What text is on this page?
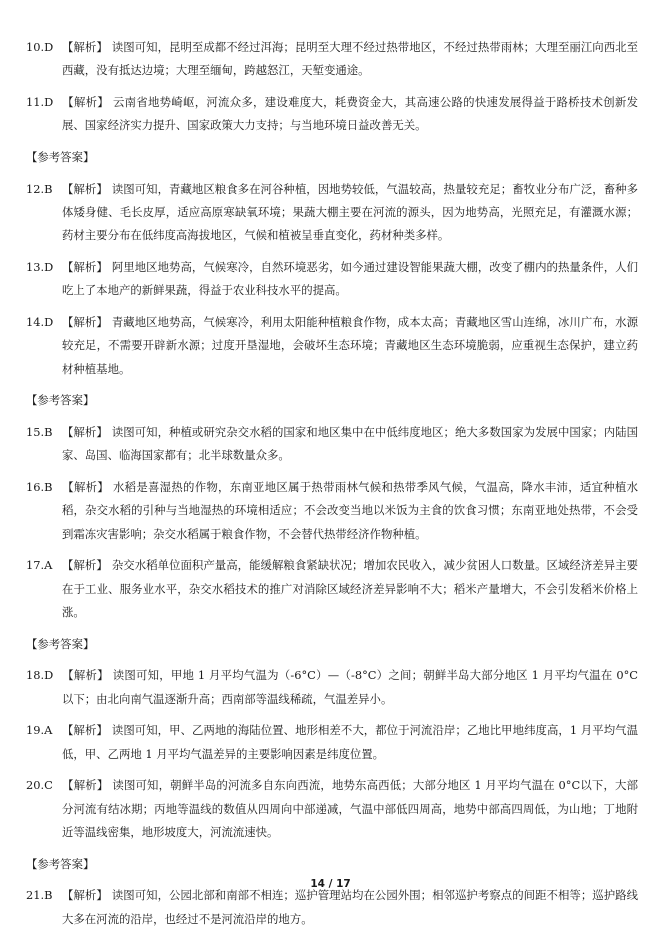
10.D 【解析】 读图可知，昆明至成都不经过洱海；昆明至大理不经过热带地区，不经过热带雨林；大理至丽江向西北至西藏，没有抵达边境；大理至缅甸，跨越怒江，天堑变通途。
11.D 【解析】 云南省地势崎岖，河流众多，建设难度大，耗费资金大，其高速公路的快速发展得益于路桥技术创新发展、国家经济实力提升、国家政策大力支持；与当地环境日益改善无关。
【参考答案】
12.B 【解析】 读图可知，青藏地区粮食多在河谷种植，因地势较低，气温较高，热量较充足；畜牧业分布广泛，畜种多体矮身健、毛长皮厚，适应高原寒缺氧环境；果蔬大棚主要在河流的源头，因为地势高，光照充足，有灌溉水源；药材主要分布在低纬度高海拔地区，气候和植被呈垂直变化，药材种类多样。
13.D 【解析】 阿里地区地势高，气候寒冷，自然环境恶劣，如今通过建设智能果蔬大棚，改变了棚内的热量条件，人们吃上了本地产的新鲜果蔬，得益于农业科技水平的提高。
14.D 【解析】 青藏地区地势高，气候寒冷，利用太阳能种植粮食作物，成本太高；青藏地区雪山连绵，冰川广布，水源较充足，不需要开辟新水源；过度开垦湿地，会破坏生态环境；青藏地区生态环境脆弱，应重视生态保护，建立药材种植基地。
【参考答案】
15.B 【解析】 读图可知，种植或研究杂交水稻的国家和地区集中在中低纬度地区；绝大多数国家为发展中国家；内陆国家、岛国、临海国家都有；北半球数量众多。
16.B 【解析】 水稻是喜湿热的作物，东南亚地区属于热带雨林气候和热带季风气候，气温高，降水丰沛，适宜种植水稻，杂交水稻的引种与当地湿热的环境相适应；不会改变当地以米饭为主食的饮食习惯；东南亚地处热带，不会受到霜冻灾害影响；杂交水稻属于粮食作物，不会替代热带经济作物种植。
17.A 【解析】 杂交水稻单位面积产量高，能缓解粮食紧缺状况；增加农民收入，减少贫困人口数量。区域经济差异主要在于工业、服务业水平，杂交水稻技术的推广对消除区域经济差异影响不大；稻米产量增大，不会引发稻米价格上涨。
【参考答案】
18.D 【解析】 读图可知，甲地 1 月平均气温为（-6°C）—（-8°C）之间；朝鲜半岛大部分地区 1 月平均气温在 0°C以下；由北向南气温逐渐升高；西南部等温线稀疏，气温差异小。
19.A 【解析】 读图可知，甲、乙两地的海陆位置、地形相差不大，都位于河流沿岸；乙地比甲地纬度高，1 月平均气温低，甲、乙两地 1 月平均气温差异的主要影响因素是纬度位置。
20.C 【解析】 读图可知，朝鲜半岛的河流多自东向西流，地势东高西低；大部分地区 1 月平均气温在 0°C以下，大部分河流有结冰期；丙地等温线的数值从四周向中部递减，气温中部低四周高，地势中部高四周低，为山地；丁地附近等温线密集，地形坡度大，河流流速快。
【参考答案】
21.B 【解析】 读图可知，公园北部和南部不相连；巡护管理站均在公园外围；相邻巡护考察点的间距不相等；巡护路线大多在河流的沿岸，也经过不是河流沿岸的地方。
14 / 17
